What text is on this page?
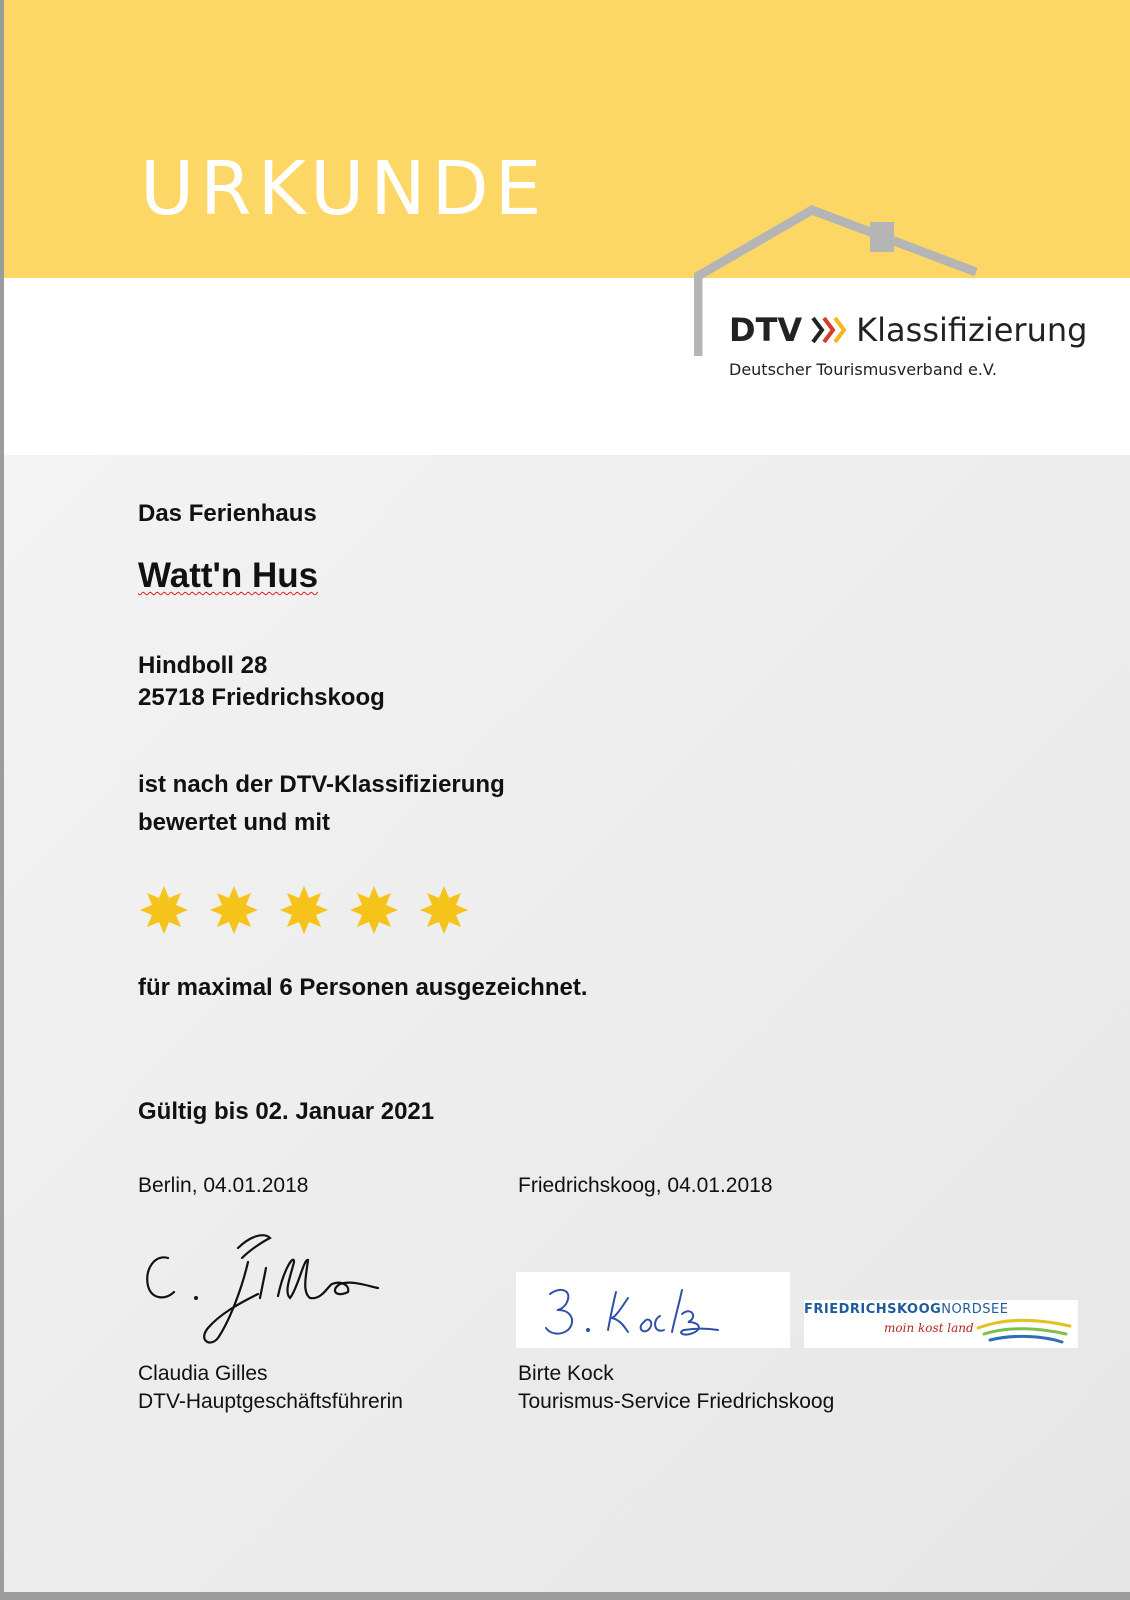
URKUNDE
DTV Klassifizierung
Deutscher Tourismusverband e.V.
Das Ferienhaus
Watt'n Hus
Hindboll 28
25718 Friedrichskoog
ist nach der DTV-Klassifizierung
bewertet und mit
für maximal 6 Personen ausgezeichnet.
Gültig bis 02. Januar 2021
Berlin, 04.01.2018	Friedrichskoog, 04.01.2018
FRIEDRICHSKOOGNORDSEE
moin kost land
Claudia Gilles
DTV-Hauptgeschäftsführerin
Birte Kock
Tourismus-Service Friedrichskoog
